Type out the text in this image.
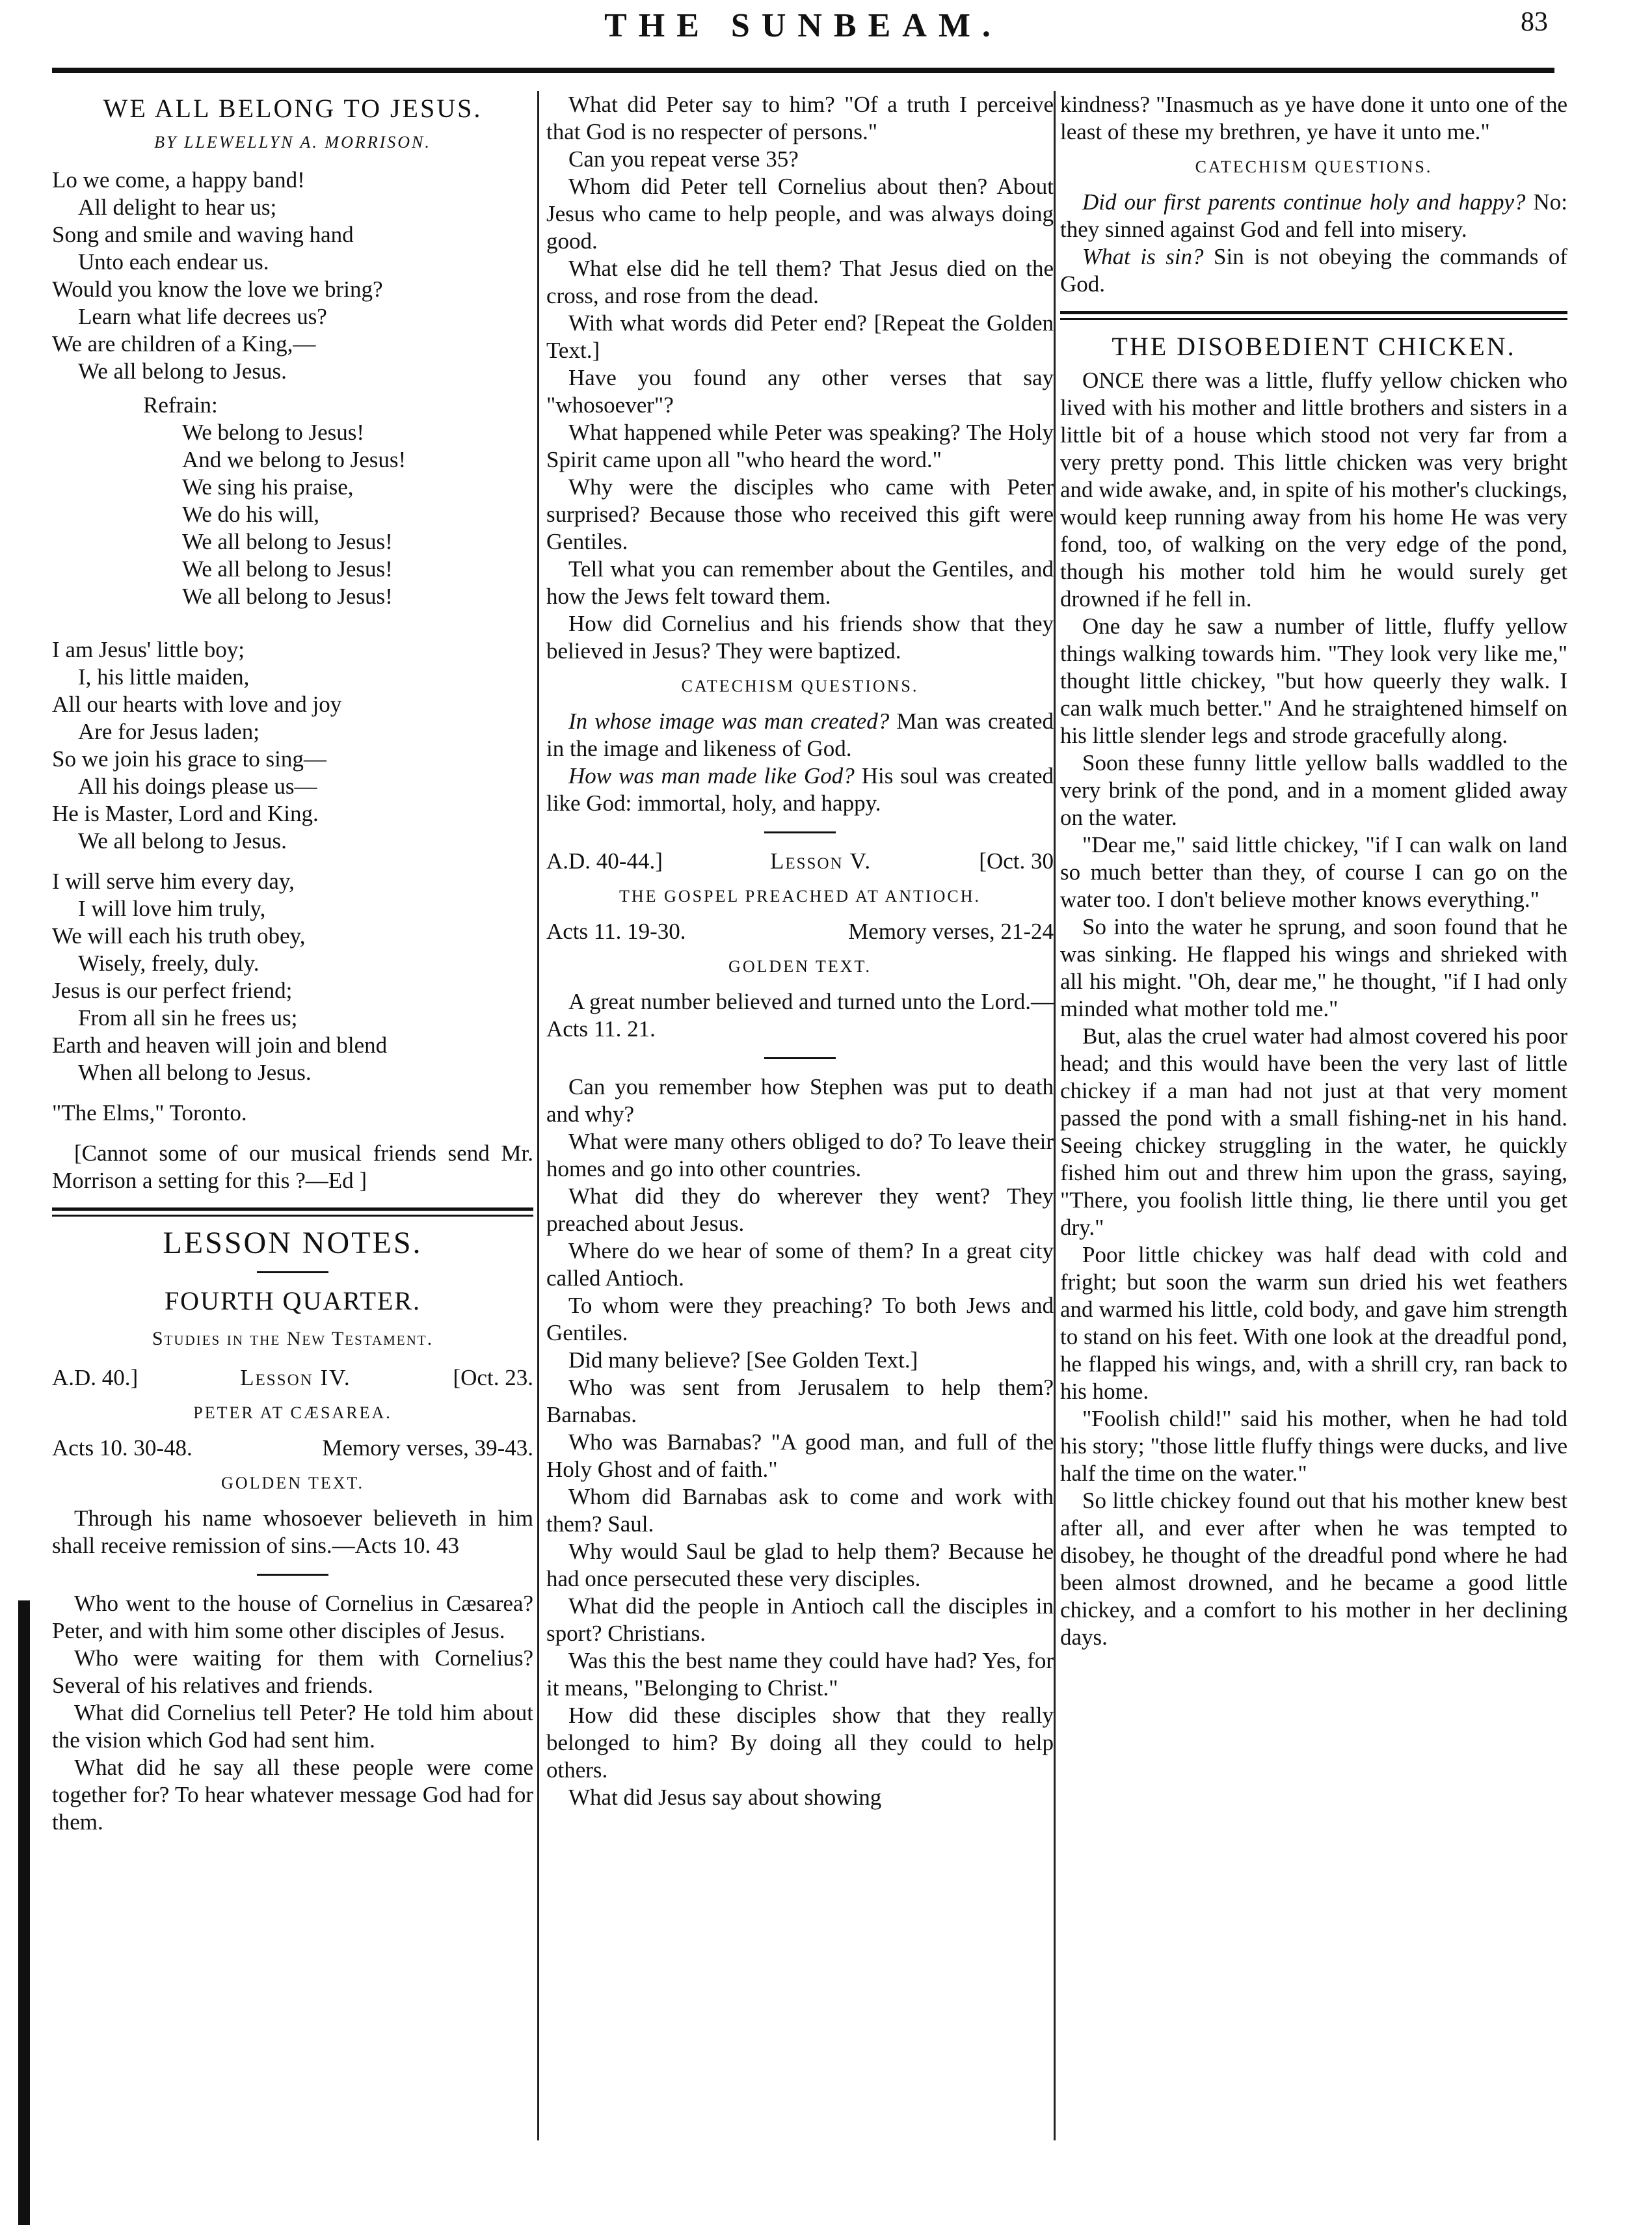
THE SUNBEAM.	83
WE ALL BELONG TO JESUS.
BY LLEWELLYN A. MORRISON.
Lo we come, a happy band!
All delight to hear us;
Song and smile and waving hand
Unto each endear us.
Would you know the love we bring?
Learn what life decrees us?
We are children of a King,—
We all belong to Jesus.
Refrain:
We belong to Jesus!
And we belong to Jesus!
We sing his praise,
We do his will,
We all belong to Jesus!
We all belong to Jesus!
We all belong to Jesus!
I am Jesus' little boy;
I, his little maiden,
All our hearts with love and joy
Are for Jesus laden;
So we join his grace to sing—
All his doings please us—
He is Master, Lord and King.
We all belong to Jesus.
I will serve him every day,
I will love him truly,
We will each his truth obey,
Wisely, freely, duly.
Jesus is our perfect friend;
From all sin he frees us;
Earth and heaven will join and blend
When all belong to Jesus.
"The Elms," Toronto.
[Cannot some of our musical friends send Mr. Morrison a setting for this ?—Ed ]
LESSON NOTES.
FOURTH QUARTER.
Studies in the New Testament.
A.D. 40.]	Lesson IV.	[Oct. 23.
PETER AT CÆSAREA.
Acts 10. 30-48.	Memory verses, 39-43.
GOLDEN TEXT.
Through his name whosoever believeth in him shall receive remission of sins.—Acts 10. 43
Who went to the house of Cornelius in Cæsarea? Peter, and with him some other disciples of Jesus.
Who were waiting for them with Cornelius? Several of his relatives and friends.
What did Cornelius tell Peter? He told him about the vision which God had sent him.
What did he say all these people were come together for? To hear whatever message God had for them.
What did Peter say to him? "Of a truth I perceive that God is no respecter of persons."
Can you repeat verse 35?
Whom did Peter tell Cornelius about then? About Jesus who came to help people, and was always doing good.
What else did he tell them? That Jesus died on the cross, and rose from the dead.
With what words did Peter end? [Repeat the Golden Text.]
Have you found any other verses that say "whosoever"?
What happened while Peter was speaking? The Holy Spirit came upon all "who heard the word."
Why were the disciples who came with Peter surprised? Because those who received this gift were Gentiles.
Tell what you can remember about the Gentiles, and how the Jews felt toward them.
How did Cornelius and his friends show that they believed in Jesus? They were baptized.
CATECHISM QUESTIONS.
In whose image was man created? Man was created in the image and likeness of God.
How was man made like God? His soul was created like God: immortal, holy, and happy.
A.D. 40-44.]	Lesson V.	[Oct. 30
THE GOSPEL PREACHED AT ANTIOCH.
Acts 11. 19-30.	Memory verses, 21-24
GOLDEN TEXT.
A great number believed and turned unto the Lord.—Acts 11. 21.
Can you remember how Stephen was put to death and why?
What were many others obliged to do? To leave their homes and go into other countries.
What did they do wherever they went? They preached about Jesus.
Where do we hear of some of them? In a great city called Antioch.
To whom were they preaching? To both Jews and Gentiles.
Did many believe? [See Golden Text.]
Who was sent from Jerusalem to help them? Barnabas.
Who was Barnabas? "A good man, and full of the Holy Ghost and of faith."
Whom did Barnabas ask to come and work with them? Saul.
Why would Saul be glad to help them? Because he had once persecuted these very disciples.
What did the people in Antioch call the disciples in sport? Christians.
Was this the best name they could have had? Yes, for it means, "Belonging to Christ."
How did these disciples show that they really belonged to him? By doing all they could to help others.
What did Jesus say about showing
kindness? "Inasmuch as ye have done it unto one of the least of these my brethren, ye have it unto me."
CATECHISM QUESTIONS.
Did our first parents continue holy and happy? No: they sinned against God and fell into misery.
What is sin? Sin is not obeying the commands of God.
THE DISOBEDIENT CHICKEN.
ONCE there was a little, fluffy yellow chicken who lived with his mother and little brothers and sisters in a little bit of a house which stood not very far from a very pretty pond. This little chicken was very bright and wide awake, and, in spite of his mother's cluckings, would keep running away from his home He was very fond, too, of walking on the very edge of the pond, though his mother told him he would surely get drowned if he fell in.
One day he saw a number of little, fluffy yellow things walking towards him. "They look very like me," thought little chickey, "but how queerly they walk. I can walk much better." And he straightened himself on his little slender legs and strode gracefully along.
Soon these funny little yellow balls waddled to the very brink of the pond, and in a moment glided away on the water.
"Dear me," said little chickey, "if I can walk on land so much better than they, of course I can go on the water too. I don't believe mother knows everything."
So into the water he sprung, and soon found that he was sinking. He flapped his wings and shrieked with all his might. "Oh, dear me," he thought, "if I had only minded what mother told me."
But, alas the cruel water had almost covered his poor head; and this would have been the very last of little chickey if a man had not just at that very moment passed the pond with a small fishing-net in his hand. Seeing chickey struggling in the water, he quickly fished him out and threw him upon the grass, saying, "There, you foolish little thing, lie there until you get dry."
Poor little chickey was half dead with cold and fright; but soon the warm sun dried his wet feathers and warmed his little, cold body, and gave him strength to stand on his feet. With one look at the dreadful pond, he flapped his wings, and, with a shrill cry, ran back to his home.
"Foolish child!" said his mother, when he had told his story; "those little fluffy things were ducks, and live half the time on the water."
So little chickey found out that his mother knew best after all, and ever after when he was tempted to disobey, he thought of the dreadful pond where he had been almost drowned, and he became a good little chickey, and a comfort to his mother in her declining days.
